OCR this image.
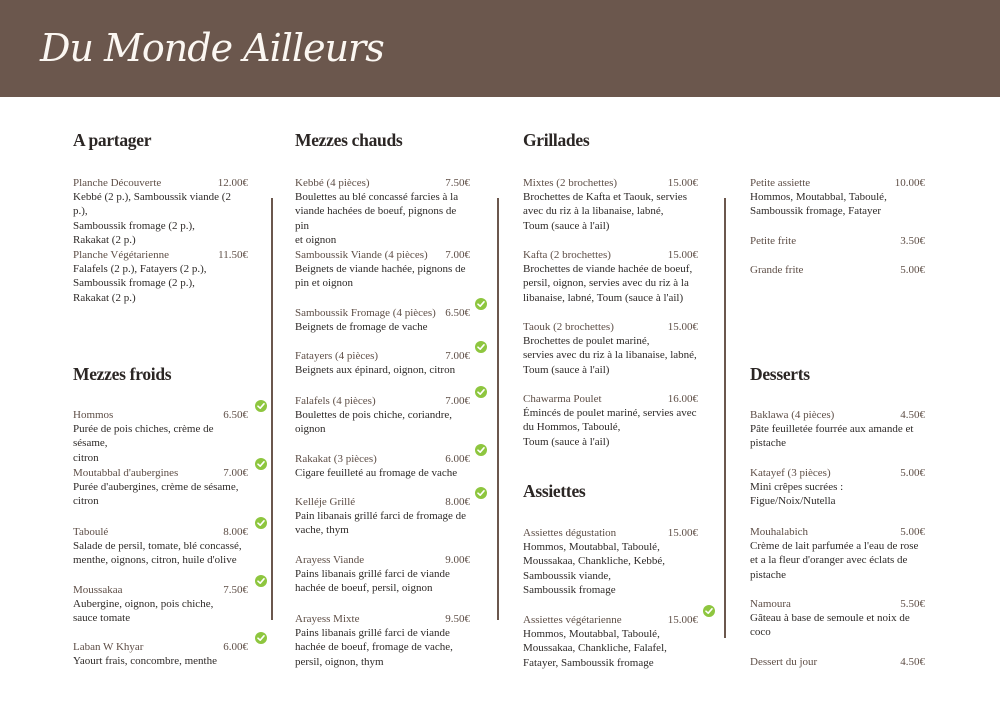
Du Monde Ailleurs
A partager
Planche Découverte	12.00€
Kebbé (2 p.), Samboussik viande (2 p.),
Samboussik fromage (2 p.),
Rakakat (2 p.)
Planche Végétarienne	11.50€
Falafels (2 p.), Fatayers (2 p.),
Samboussik fromage (2 p.),
Rakakat (2 p.)
Mezzes froids
Hommos	6.50€
Purée de pois chiches, crème de sésame,
citron
Moutabbal d'aubergines	7.00€
Purée d'aubergines, crème de sésame,
citron
Taboulé	8.00€
Salade de persil, tomate, blé concassé,
menthe, oignons, citron, huile d'olive
Moussakaa	7.50€
Aubergine, oignon, pois chiche,
sauce tomate
Laban W Khyar	6.00€
Yaourt frais, concombre, menthe
Mezzes chauds
Kebbé (4 pièces)	7.50€
Boulettes au blé concassé farcies à la
viande hachées de boeuf, pignons de pin
et oignon
Samboussik Viande (4 pièces) 7.00€
Beignets de viande hachée, pignons de
pin et oignon
Samboussik Fromage (4 pièces) 6.50€
Beignets de fromage de vache
Fatayers (4 pièces)	7.00€
Beignets aux épinard, oignon, citron
Falafels (4 pièces)	7.00€
Boulettes de pois chiche, coriandre,
oignon
Rakakat (3 pièces)	6.00€
Cigare feuilleté au fromage de vache
Kelléje Grillé	8.00€
Pain libanais grillé farci de fromage de
vache, thym
Arayess Viande	9.00€
Pains libanais grillé farci de viande
hachée de boeuf, persil, oignon
Arayess Mixte	9.50€
Pains libanais grillé farci de viande
hachée de boeuf, fromage de vache,
persil, oignon, thym
Grillades
Mixtes (2 brochettes)	15.00€
Brochettes de Kafta et Taouk, servies
avec du riz à la libanaise, labné,
Toum (sauce à l'ail)
Kafta (2 brochettes)	15.00€
Brochettes de viande hachée de boeuf,
persil, oignon, servies avec du riz à la
libanaise, labné, Toum (sauce à l'ail)
Taouk (2 brochettes)	15.00€
Brochettes de poulet mariné,
servies avec du riz à la libanaise, labné,
Toum (sauce à l'ail)
Chawarma Poulet	16.00€
Émincés de poulet mariné, servies avec
du Hommos, Taboulé,
Toum (sauce à l'ail)
Assiettes
Assiettes dégustation	15.00€
Hommos, Moutabbal, Taboulé,
Moussakaa, Chankliche, Kebbé,
Samboussik viande,
Samboussik fromage
Assiettes végétarienne	15.00€
Hommos, Moutabbal, Taboulé,
Moussakaa, Chankliche, Falafel,
Fatayer, Samboussik fromage
Petite assiette	10.00€
Hommos, Moutabbal, Taboulé,
Samboussik fromage, Fatayer
Petite frite	3.50€
Grande frite	5.00€
Desserts
Baklawa (4 pièces)	4.50€
Pâte feuilletée fourrée aux amande et
pistache
Katayef (3 pièces)	5.00€
Mini crêpes sucrées :
Figue/Noix/Nutella
Mouhalabich	5.00€
Crème de lait parfumée a l'eau de rose
et a la fleur d'oranger avec éclats de
pistache
Namoura	5.50€
Gâteau à base de semoule et noix de
coco
Dessert du jour	4.50€
